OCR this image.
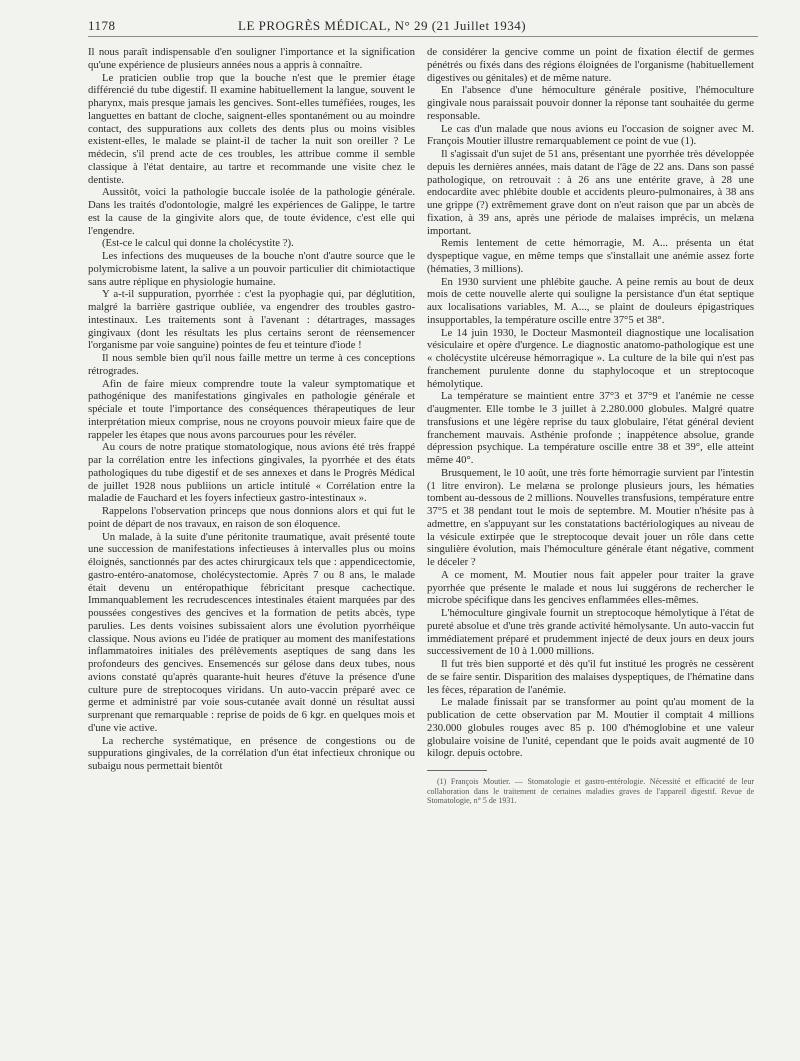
1178	LE PROGRÈS MÉDICAL, N° 29 (21 Juillet 1934)

Il nous paraît indispensable d'en souligner l'importance et la signification qu'une expérience de plusieurs années nous a appris à connaître.

Le praticien oublie trop que la bouche n'est que le premier étage différencié du tube digestif. Il examine habituellement la langue, souvent le pharynx, mais presque jamais les gencives. Sont-elles tuméfiées, rouges, les languettes en battant de cloche, saignent-elles spontanément ou au moindre contact, des suppurations aux collets des dents plus ou moins visibles existent-elles, le malade se plaint-il de tacher la nuit son oreiller ? Le médecin, s'il prend acte de ces troubles, les attribue comme il semble classique à l'état dentaire, au tartre et recommande une visite chez le dentiste.

Aussitôt, voici la pathologie buccale isolée de la pathologie générale. Dans les traités d'odontologie, malgré les expériences de Galippe, le tartre est la cause de la gingivite alors que, de toute évidence, c'est elle qui l'engendre.

(Est-ce le calcul qui donne la cholécystite ?).

Les infections des muqueuses de la bouche n'ont d'autre source que le polymicrobisme latent, la salive a un pouvoir particulier dit chimiotactique sans autre réplique en physiologie humaine.

Y a-t-il suppuration, pyorrhée : c'est la pyophagie qui, par déglutition, malgré la barrière gastrique oubliée, va engendrer des troubles gastro-intestinaux. Les traitements sont à l'avenant : détartrages, massages gingivaux (dont les résultats les plus certains seront de réensemencer l'organisme par voie sanguine) pointes de feu et teinture d'iode !

Il nous semble bien qu'il nous faille mettre un terme à ces conceptions rétrogrades.

Afin de faire mieux comprendre toute la valeur symptomatique et pathogénique des manifestations gingivales en pathologie générale et spéciale et toute l'importance des conséquences thérapeutiques de leur interprétation mieux comprise, nous ne croyons pouvoir mieux faire que de rappeler les étapes que nous avons parcourues pour les révéler.

Au cours de notre pratique stomatologique, nous avions été très frappé par la corrélation entre les infections gingivales, la pyorrhée et des états pathologiques du tube digestif et de ses annexes et dans le Progrès Médical de juillet 1928 nous publiions un article intitulé « Corrélation entre la maladie de Fauchard et les foyers infectieux gastro-intestinaux ».

Rappelons l'observation princeps que nous donnions alors et qui fut le point de départ de nos travaux, en raison de son éloquence.

Un malade, à la suite d'une péritonite traumatique, avait présenté toute une succession de manifestations infectieuses à intervalles plus ou moins éloignés, sanctionnés par des actes chirurgicaux tels que : appendicectomie, gastro-entéro-anatomose, cholécystectomie. Après 7 ou 8 ans, le malade était devenu un entéropathique fébricitant presque cachectique. Immanquablement les recrudescences intestinales étaient marquées par des poussées congestives des gencives et la formation de petits abcès, type parulies. Les dents voisines subissaient alors une évolution pyorrhéique classique. Nous avions eu l'idée de pratiquer au moment des manifestations inflammatoires initiales des prélèvements aseptiques de sang dans les profondeurs des gencives. Ensemencés sur gélose dans deux tubes, nous avions constaté qu'après quarante-huit heures d'étuve la présence d'une culture pure de streptocoques viridans. Un auto-vaccin préparé avec ce germe et administré par voie sous-cutanée avait donné un résultat aussi surprenant que remarquable : reprise de poids de 6 kgr. en quelques mois et d'une vie active.

La recherche systématique, en présence de congestions ou de suppurations gingivales, de la corrélation d'un état infectieux chronique ou subaigu nous permettait bientôt

de considérer la gencive comme un point de fixation électif de germes pénétrés ou fixés dans des régions éloignées de l'organisme (habituellement digestives ou génitales) et de même nature.

En l'absence d'une hémoculture générale positive, l'hémoculture gingivale nous paraissait pouvoir donner la réponse tant souhaitée du germe responsable.

Le cas d'un malade que nous avions eu l'occasion de soigner avec M. François Moutier illustre remarquablement ce point de vue (1).

Il s'agissait d'un sujet de 51 ans, présentant une pyorrhée très développée depuis les dernières années, mais datant de l'âge de 22 ans. Dans son passé pathologique, on retrouvait : à 26 ans une entérite grave, à 28 une endocardite avec phlébite double et accidents pleuro-pulmonaires, à 38 ans une grippe (?) extrêmement grave dont on n'eut raison que par un abcès de fixation, à 39 ans, après une période de malaises imprécis, un melæna important.

Remis lentement de cette hémorragie, M. A... présenta un état dyspeptique vague, en même temps que s'installait une anémie assez forte (hématies, 3 millions).

En 1930 survient une phlébite gauche. A peine remis au bout de deux mois de cette nouvelle alerte qui souligne la persistance d'un état septique aux localisations variables, M. A..., se plaint de douleurs épigastriques insupportables, la température oscille entre 37°5 et 38°.

Le 14 juin 1930, le Docteur Masmonteil diagnostique une localisation vésiculaire et opère d'urgence. Le diagnostic anatomo-pathologique est une « cholécystite ulcéreuse hémorragique ». La culture de la bile qui n'est pas franchement purulente donne du staphylocoque et un streptocoque hémolytique.

La température se maintient entre 37°3 et 37°9 et l'anémie ne cesse d'augmenter. Elle tombe le 3 juillet à 2.280.000 globules. Malgré quatre transfusions et une légère reprise du taux globulaire, l'état général devient franchement mauvais. Asthénie profonde ; inappétence absolue, grande dépression psychique. La température oscille entre 38 et 39°, elle atteint même 40°.

Brusquement, le 10 août, une très forte hémorragie survient par l'intestin (1 litre environ). Le melæna se prolonge plusieurs jours, les hématies tombent au-dessous de 2 millions. Nouvelles transfusions, température entre 37°5 et 38 pendant tout le mois de septembre. M. Moutier n'hésite pas à admettre, en s'appuyant sur les constatations bactériologiques au niveau de la vésicule extirpée que le streptocoque devait jouer un rôle dans cette singulière évolution, mais l'hémoculture générale étant négative, comment le déceler ?

A ce moment, M. Moutier nous fait appeler pour traiter la grave pyorrhée que présente le malade et nous lui suggérons de rechercher le microbe spécifique dans les gencives enflammées elles-mêmes.

L'hémoculture gingivale fournit un streptocoque hémolytique à l'état de pureté absolue et d'une très grande activité hémolysante. Un auto-vaccin fut immédiatement préparé et prudemment injecté de deux jours en deux jours successivement de 10 à 1.000 millions.

Il fut très bien supporté et dès qu'il fut institué les progrès ne cessèrent de se faire sentir. Disparition des malaises dyspeptiques, de l'hématine dans les fèces, réparation de l'anémie.

Le malade finissait par se transformer au point qu'au moment de la publication de cette observation par M. Moutier il comptait 4 millions 230.000 globules rouges avec 85 p. 100 d'hémoglobine et une valeur globulaire voisine de l'unité, cependant que le poids avait augmenté de 10 kilogr. depuis octobre.

(1) François Moutier. — Stomatologie et gastro-entérologie. Nécessité et efficacité de leur collaboration dans le traitement de certaines maladies graves de l'appareil digestif. Revue de Stomatologie, n° 5 de 1931.
